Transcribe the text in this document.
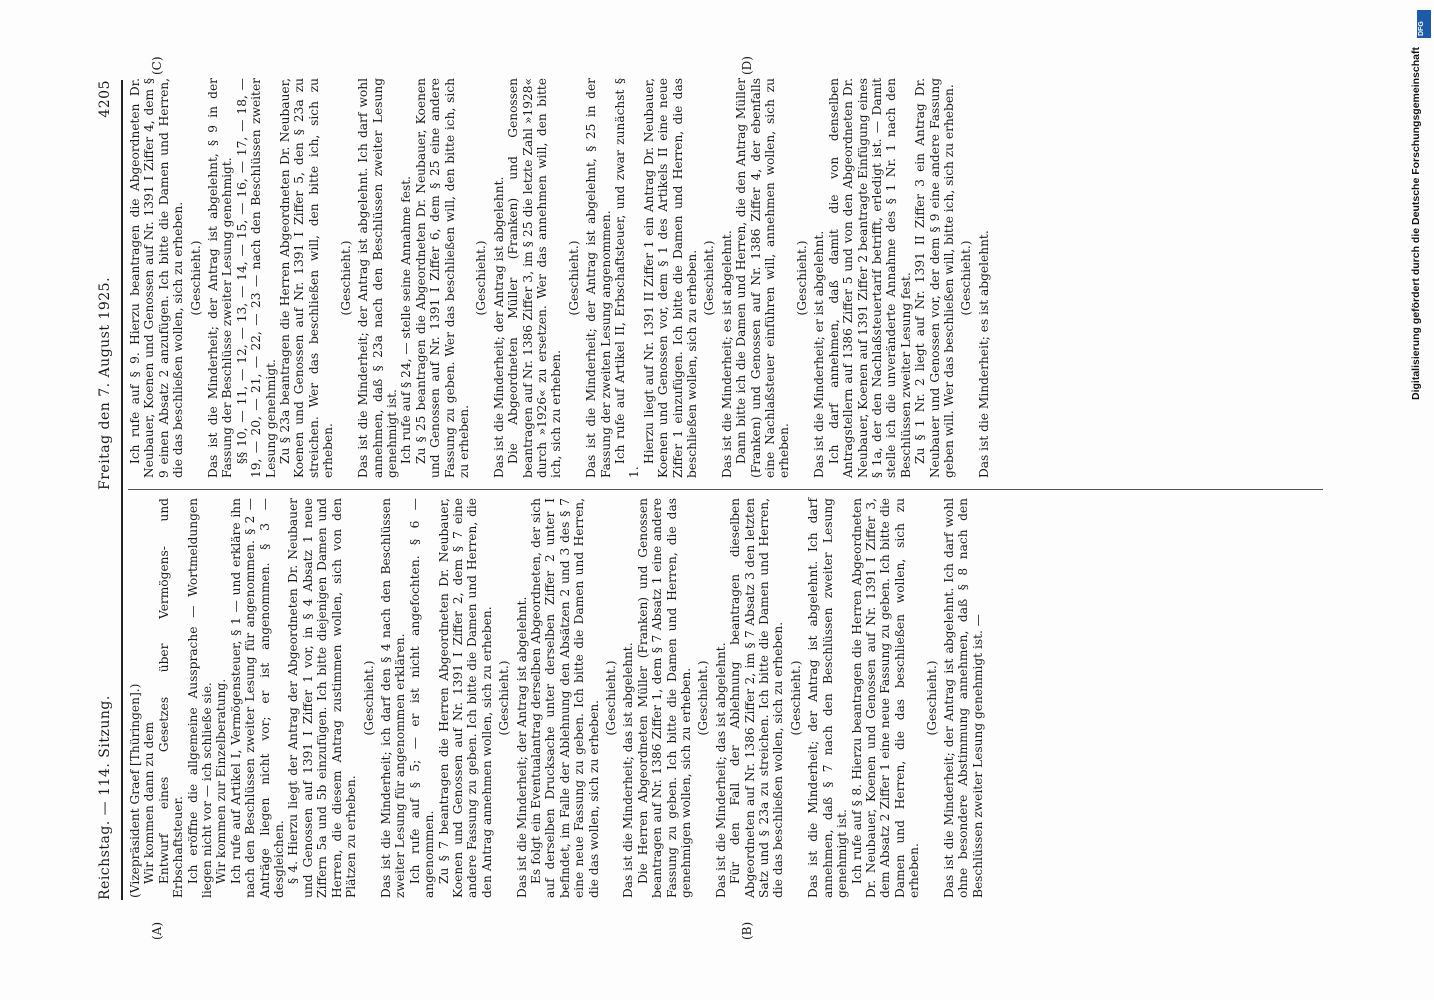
Reichstag. — 114. Sitzung.
Freitag den 7. August 1925.
4205
(A)	(B)
(C)	(D)

(Vizepräsident Graef [Thüringen].) Wir kommen dann zu dem Entwurf eines Gesetzes über Vermögens- und Erbschaftsteuer. Ich eröffne die allgemeine Aussprache — Wortmeldungen liegen nicht vor — ich schließe sie. Wir kommen zur Einzelberatung. Ich rufe auf Artikel I, Vermögensteuer, § 1 — und erkläre ihn nach den Beschlüssen zweiter Lesung für angenommen. § 2 — Anträge liegen nicht vor; er ist angenommen. § 3 — desgleichen. § 4. Hierzu liegt der Antrag der Abgeordneten Dr. Neubauer und Genossen auf 1391 I Ziffer 1 vor, in § 4 Absatz 1 neue Ziffern 5a und 5b einzufügen. Ich bitte diejenigen Damen und Herren, die diesem Antrag zustimmen wollen, sich von den Plätzen zu erheben.

(Geschieht.) Das ist die Minderheit; ich darf den § 4 nach den Beschlüssen zweiter Lesung für angenommen erklären. Ich rufe auf § 5; — er ist nicht angefochten. § 6 — angenommen. Zu § 7 beantragen die Herren Abgeordneten Dr. Neubauer, Koenen und Genossen auf Nr. 1391 I Ziffer 2, dem § 7 eine andere Fassung zu geben. Ich bitte die Damen und Herren, die den Antrag annehmen wollen, sich zu erheben. (Geschieht.) Das ist die Minderheit; der Antrag ist abgelehnt. Es folgt ein Eventualantrag derselben Abgeordneten, der sich auf derselben Drucksache unter derselben Ziffer 2 unter I befindet, im Falle der Ablehnung den Absätzen 2 und 3 des § 7 eine neue Fassung zu geben. Ich bitte die Damen und Herren, die das wollen, sich zu erheben.

(Geschieht.) Das ist die Minderheit; das ist abgelehnt. Die Herren Abgeordneten Müller (Franken) und Genossen beantragen auf Nr. 1386 Ziffer 1, dem § 7 Absatz 1 eine andere Fassung zu geben. Ich bitte die Damen und Herren, die das genehmigen wollen, sich zu erheben. (Geschieht.) Das ist die Minderheit; das ist abgelehnt. Für den Fall der Ablehnung beantragen dieselben Abgeordneten auf Nr. 1386 Ziffer 2, im § 7 Absatz 3 den letzten Satz und § 23a zu streichen. Ich bitte die Damen und Herren, die das beschließen wollen, sich zu erheben. (Geschieht.) Das ist die Minderheit; der Antrag ist abgelehnt. Ich darf annehmen, daß § 7 nach den Beschlüssen zweiter Lesung genehmigt ist. Ich rufe auf § 8. Hierzu beantragen die Herren Abgeordneten Dr. Neubauer, Koenen und Genossen auf Nr. 1391 I Ziffer 3, dem Absatz 2 Ziffer 1 eine neue Fassung zu geben. Ich bitte die Damen und Herren, die das beschließen wollen, sich zu erheben.

(Geschieht.) Das ist die Minderheit; der Antrag ist abgelehnt. Ich darf wohl ohne besondere Abstimmung annehmen, daß § 8 nach den Beschlüssen zweiter Lesung genehmigt ist. —

Ich rufe auf § 9. Hierzu beantragen die Abgeordneten Dr. Neubauer, Koenen und Genossen auf Nr. 1391 I Ziffer 4, dem § 9 einen Absatz 2 anzufügen. Ich bitte die Damen und Herren, die das beschließen wollen, sich zu erheben. (Geschieht.) Das ist die Minderheit; der Antrag ist abgelehnt, § 9 in der Fassung der Beschlüsse zweiter Lesung genehmigt. §§ 10, — 11, — 12, — 13, — 14, — 15, — 16, — 17, — 18, — 19, — 20, — 21, — 22, — 23 — nach den Beschlüssen zweiter Lesung genehmigt. Zu § 23a beantragen die Herren Abgeordneten Dr. Neubauer, Koenen und Genossen auf Nr. 1391 I Ziffer 5, den § 23a zu streichen. Wer das beschließen will, den bitte ich, sich zu erheben.

(Geschieht.) Das ist die Minderheit; der Antrag ist abgelehnt. Ich darf wohl annehmen, daß § 23a nach den Beschlüssen zweiter Lesung genehmigt ist. Ich rufe auf § 24, — stelle seine Annahme fest. Zu § 25 beantragen die Abgeordneten Dr. Neubauer, Koenen und Genossen auf Nr. 1391 I Ziffer 6, dem § 25 eine andere Fassung zu geben. Wer das beschließen will, den bitte ich, sich zu erheben.

(Geschieht.) Das ist die Minderheit; der Antrag ist abgelehnt. Die Abgeordneten Müller (Franken) und Genossen beantragen auf Nr. 1386 Ziffer 3, im § 25 die letzte Zahl »1928« durch »1926« zu ersetzen. Wer das annehmen will, den bitte ich, sich zu erheben.

(Geschieht.) Das ist die Minderheit; der Antrag ist abgelehnt, § 25 in der Fassung der zweiten Lesung angenommen. Ich rufe auf Artikel II, Erbschaftsteuer, und zwar zunächst § 1.

Hierzu liegt auf Nr. 1391 II Ziffer 1 ein Antrag Dr. Neubauer, Koenen und Genossen vor, dem § 1 des Artikels II eine neue Ziffer 1 einzufügen. Ich bitte die Damen und Herren, die das beschließen wollen, sich zu erheben. (Geschieht.) Das ist die Minderheit; es ist abgelehnt. Dann bitte ich die Damen und Herren, die den Antrag Müller (Franken) und Genossen auf Nr. 1386 Ziffer 4, der ebenfalls eine Nachlaßsteuer einführen will, annehmen wollen, sich zu erheben.

(Geschieht.) Das ist die Minderheit; er ist abgelehnt. Ich darf annehmen, daß damit die von denselben Antragstellern auf 1386 Ziffer 5 und von den Abgeordneten Dr. Neubauer, Koenen auf 1391 Ziffer 2 beantragte Einfügung eines § 1a, der den Nachlaßsteuertarif betrifft, erledigt ist. — Damit stelle ich die unveränderte Annahme des § 1 Nr. 1 nach den Beschlüssen zweiter Lesung fest. Zu § 1 Nr. 2 liegt auf Nr. 1391 II Ziffer 3 ein Antrag Dr. Neubauer und Genossen vor, der dem § 9 eine andere Fassung geben will. Wer das beschließen will, bitte ich, sich zu erheben. (Geschieht.) Das ist die Minderheit; es ist abgelehnt.

DFG
Digitalisierung gefördert durch die Deutsche Forschungsgemeinschaft
